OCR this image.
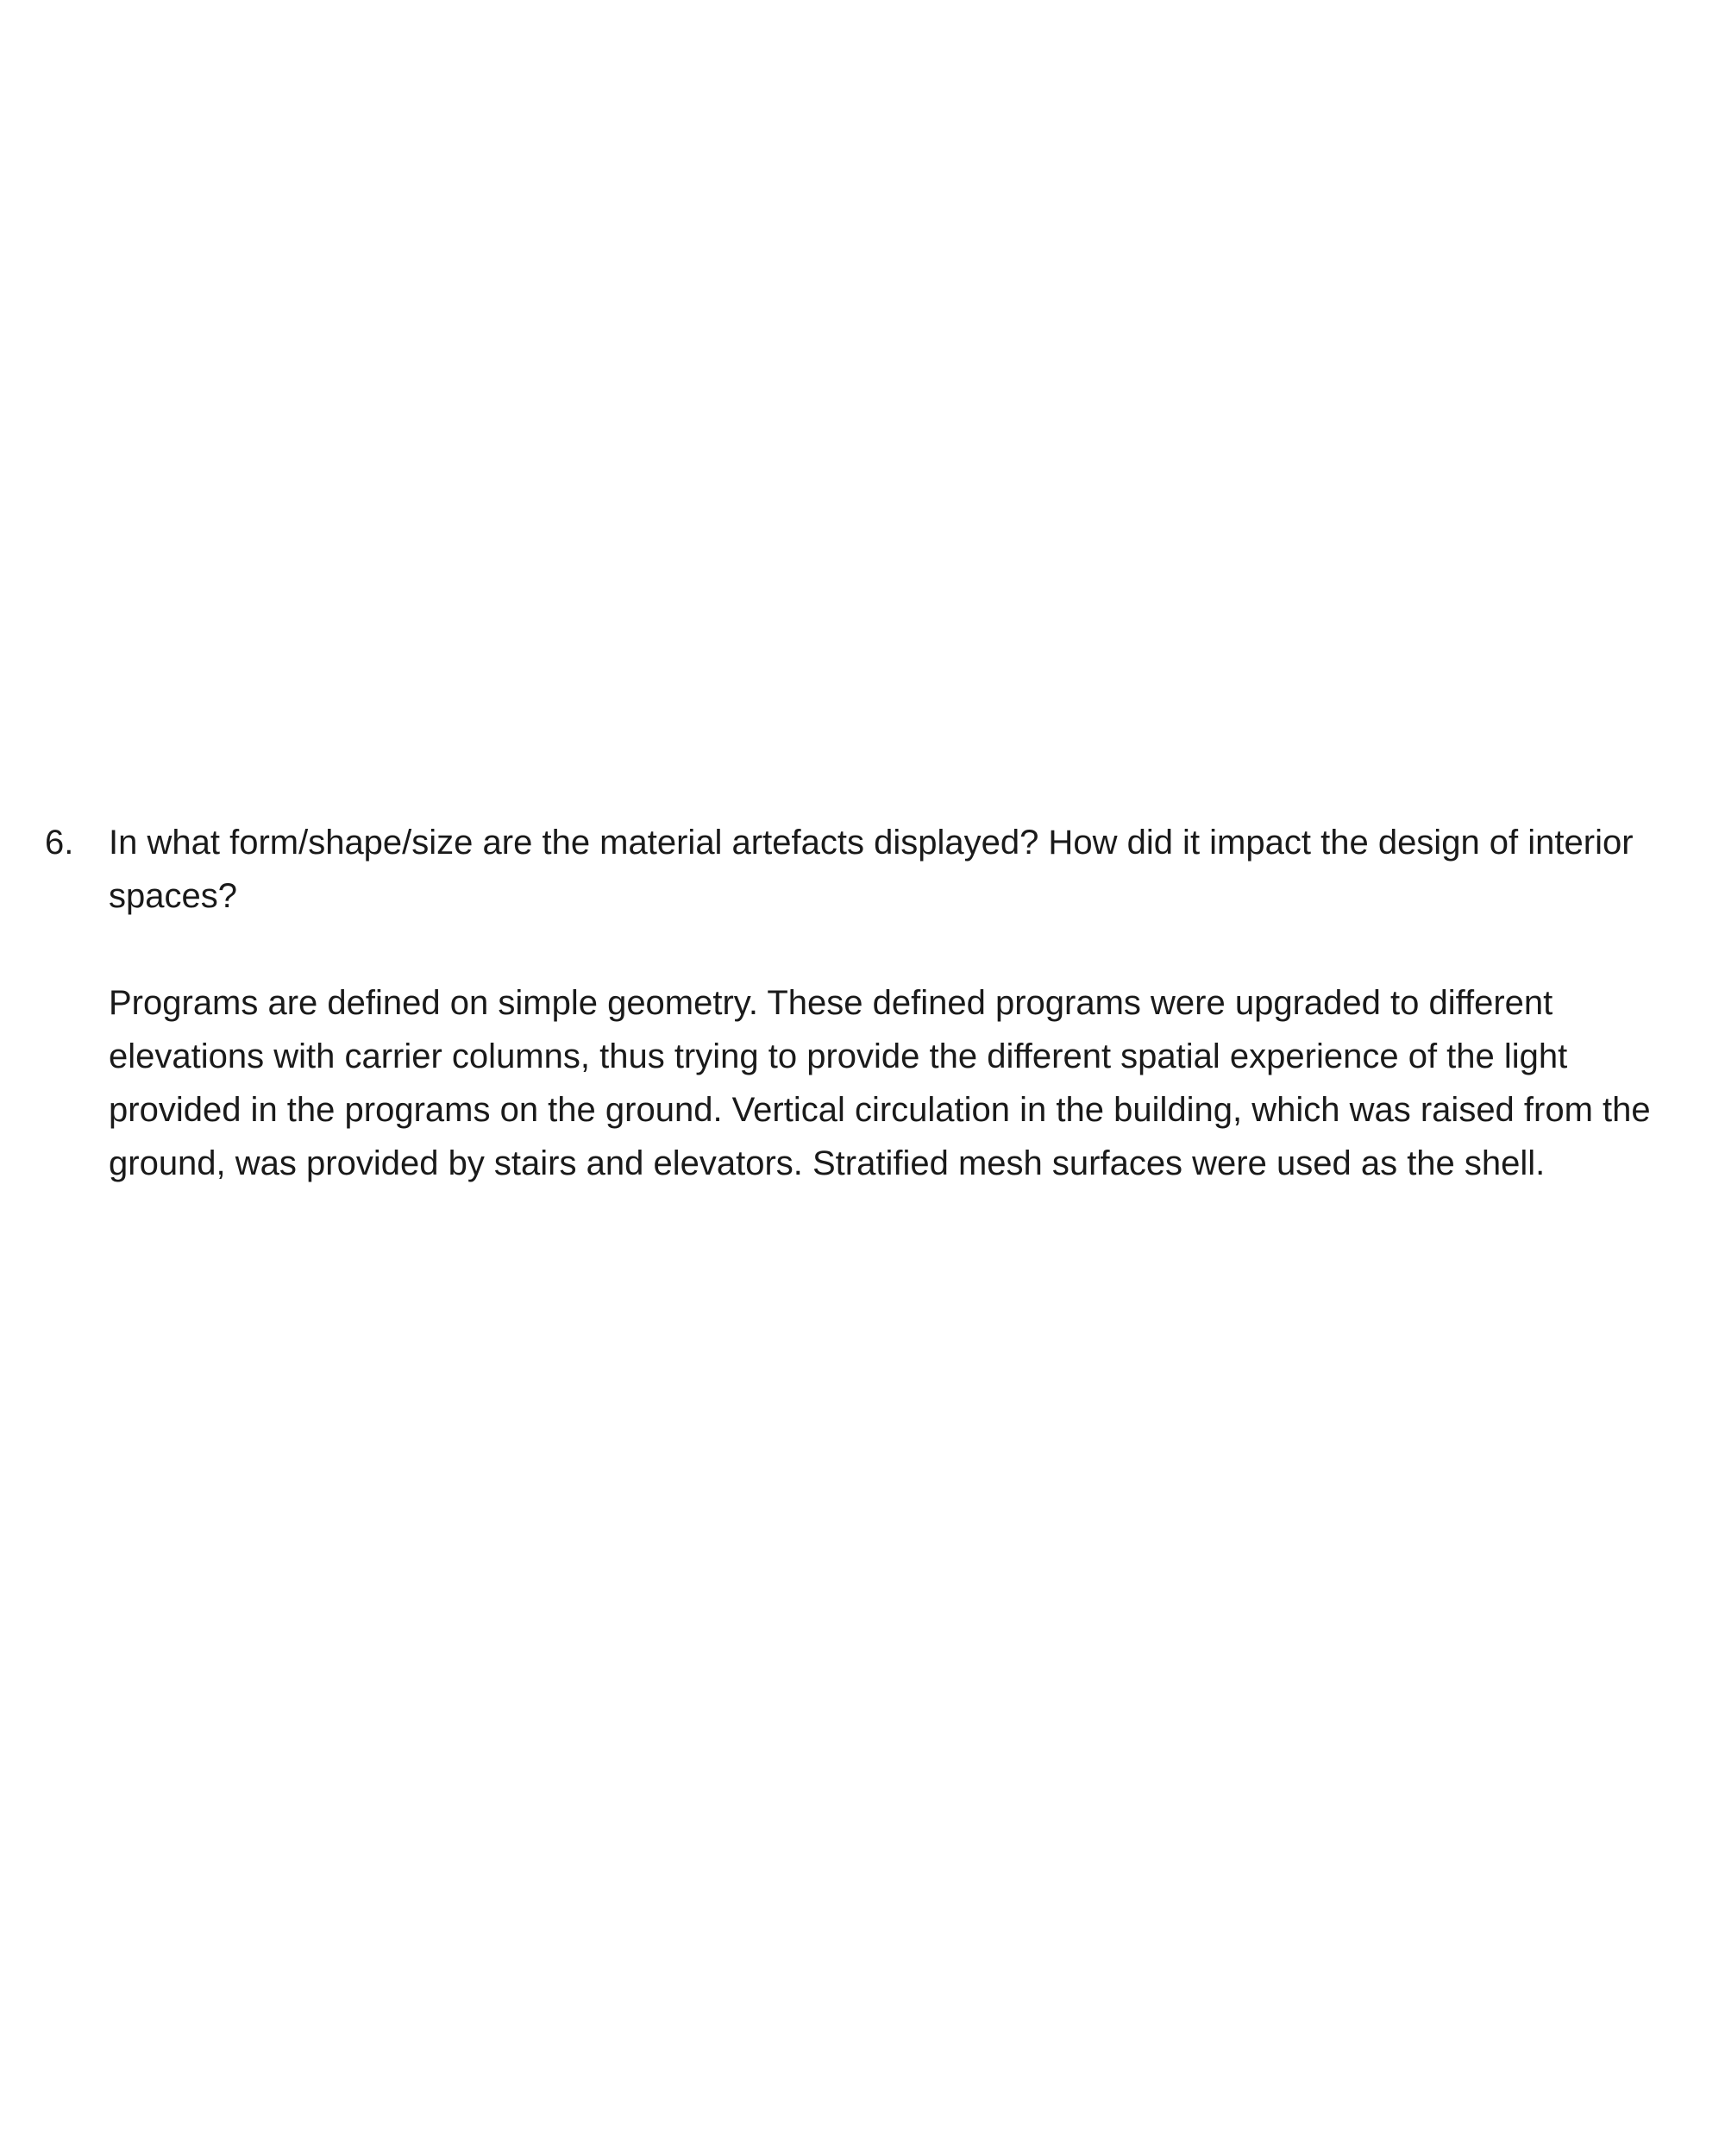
6.	In what form/shape/size are the material artefacts displayed? How did it impact the design of interior spaces?
Programs are defined on simple geometry. These defined programs were upgraded to different elevations with carrier columns, thus trying to provide the different spatial experience of the light provided in the programs on the ground. Vertical circulation in the building, which was raised from the ground, was provided by stairs and elevators. Stratified mesh surfaces were used as the shell.
